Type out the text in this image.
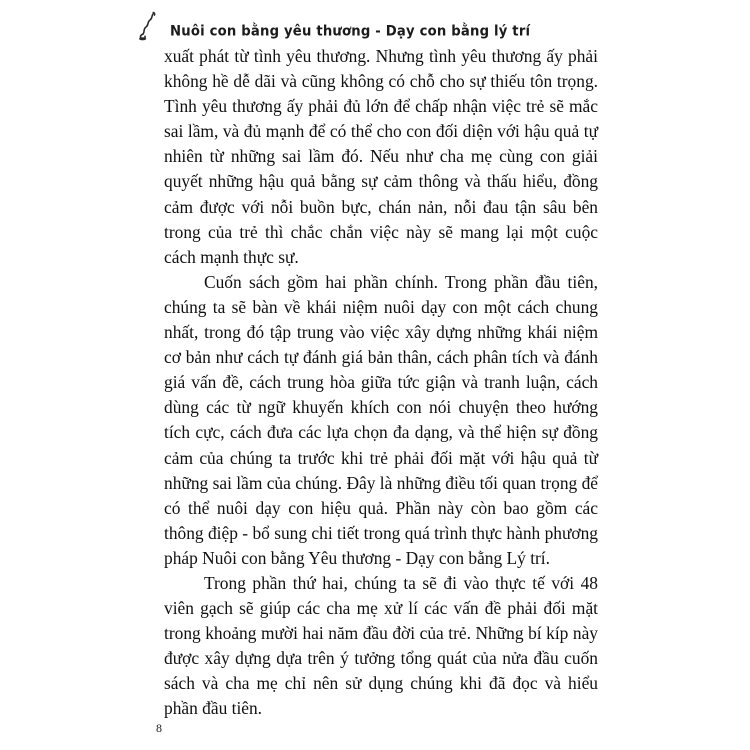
Nuôi con bằng yêu thương - Dạy con bằng lý trí

xuất phát từ tình yêu thương. Nhưng tình yêu thương ấy phải không hề dễ dãi và cũng không có chỗ cho sự thiếu tôn trọng. Tình yêu thương ấy phải đủ lớn để chấp nhận việc trẻ sẽ mắc sai lầm, và đủ mạnh để có thể cho con đối diện với hậu quả tự nhiên từ những sai lầm đó. Nếu như cha mẹ cùng con giải quyết những hậu quả bằng sự cảm thông và thấu hiểu, đồng cảm được với nỗi buồn bực, chán nản, nỗi đau tận sâu bên trong của trẻ thì chắc chắn việc này sẽ mang lại một cuộc cách mạnh thực sự.

Cuốn sách gồm hai phần chính. Trong phần đầu tiên, chúng ta sẽ bàn về khái niệm nuôi dạy con một cách chung nhất, trong đó tập trung vào việc xây dựng những khái niệm cơ bản như cách tự đánh giá bản thân, cách phân tích và đánh giá vấn đề, cách trung hòa giữa tức giận và tranh luận, cách dùng các từ ngữ khuyến khích con nói chuyện theo hướng tích cực, cách đưa các lựa chọn đa dạng, và thể hiện sự đồng cảm của chúng ta trước khi trẻ phải đối mặt với hậu quả từ những sai lầm của chúng. Đây là những điều tối quan trọng để có thể nuôi dạy con hiệu quả. Phần này còn bao gồm các thông điệp - bổ sung chi tiết trong quá trình thực hành phương pháp Nuôi con bằng Yêu thương - Dạy con bằng Lý trí.

Trong phần thứ hai, chúng ta sẽ đi vào thực tế với 48 viên gạch sẽ giúp các cha mẹ xử lí các vấn đề phải đối mặt trong khoảng mười hai năm đầu đời của trẻ. Những bí kíp này được xây dựng dựa trên ý tưởng tổng quát của nửa đầu cuốn sách và cha mẹ chỉ nên sử dụng chúng khi đã đọc và hiểu phần đầu tiên.

8
